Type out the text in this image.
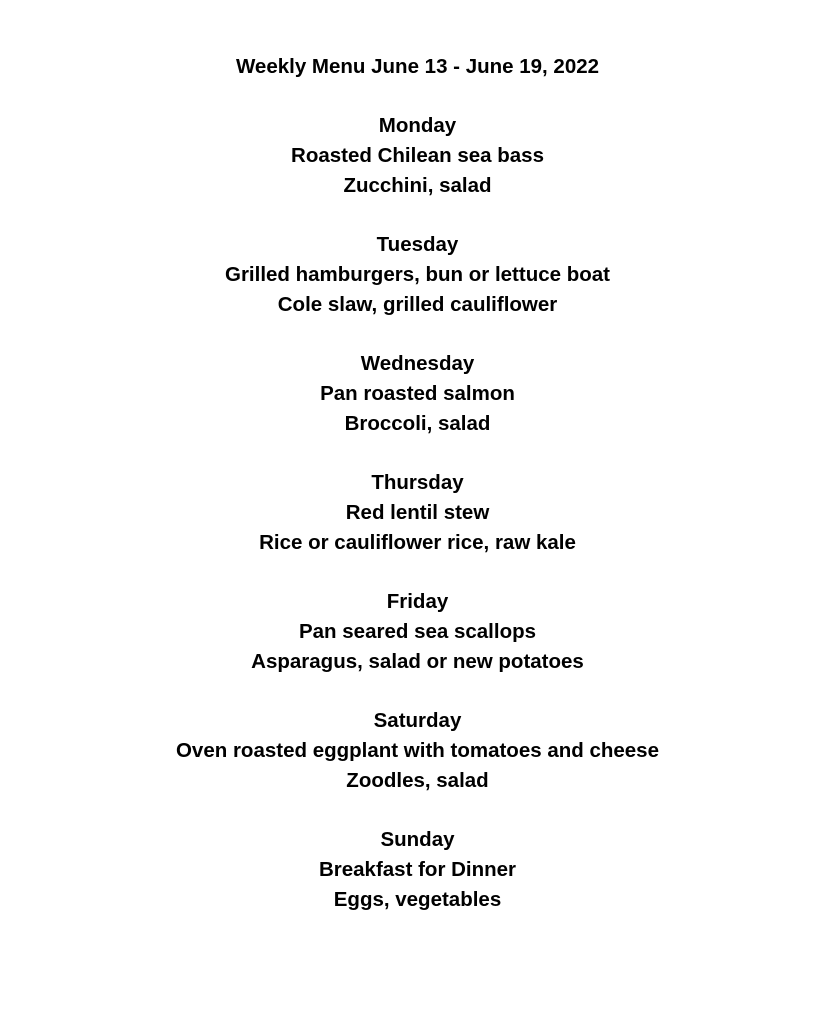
Weekly Menu June 13 - June 19, 2022
Monday
Roasted Chilean sea bass
Zucchini, salad
Tuesday
Grilled hamburgers, bun or lettuce boat
Cole slaw, grilled cauliflower
Wednesday
Pan roasted salmon
Broccoli, salad
Thursday
Red lentil stew
Rice or cauliflower rice, raw kale
Friday
Pan seared sea scallops
Asparagus, salad or new potatoes
Saturday
Oven roasted eggplant with tomatoes and cheese
Zoodles, salad
Sunday
Breakfast for Dinner
Eggs, vegetables
